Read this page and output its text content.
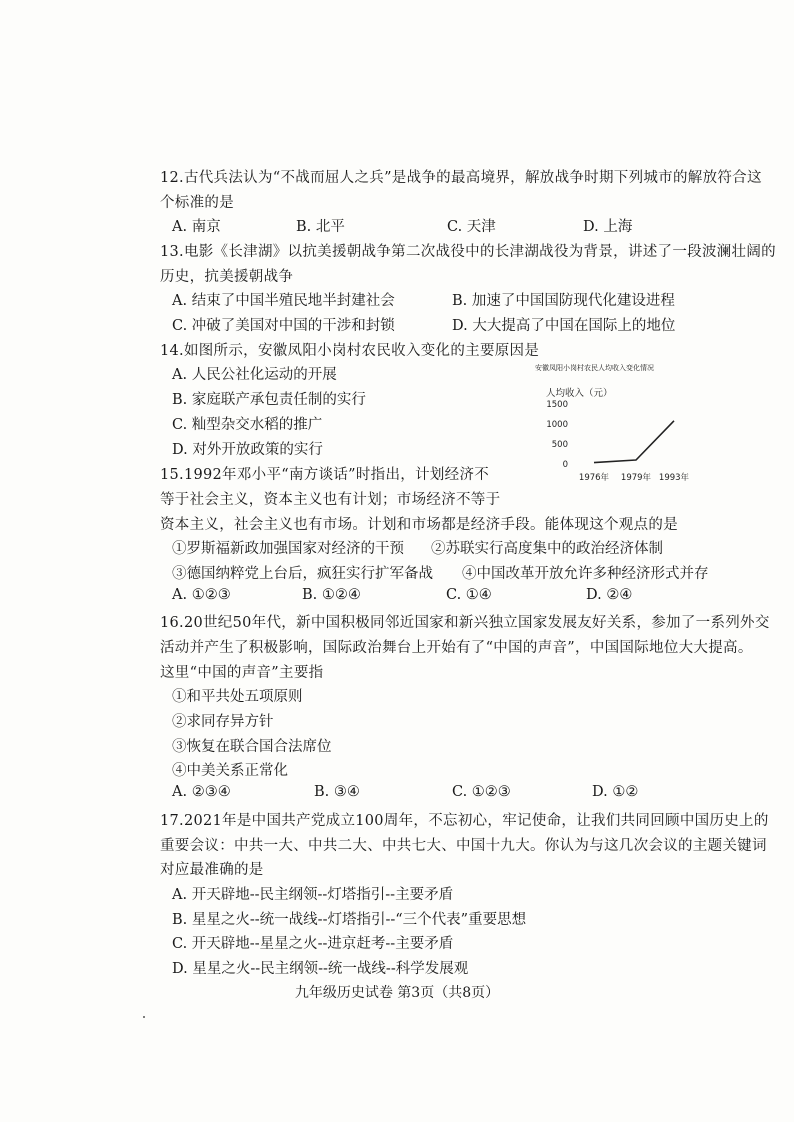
12.古代兵法认为“不战而屈人之兵”是战争的最高境界，解放战争时期下列城市的解放符合这
个标准的是
A. 南京	B. 北平	C. 天津	D. 上海
13.电影《长津湖》以抗美援朝战争第二次战役中的长津湖战役为背景，讲述了一段波澜壮阔的
历史，抗美援朝战争
A. 结束了中国半殖民地半封建社会	B. 加速了中国国防现代化建设进程
C. 冲破了美国对中国的干涉和封锁	D. 大大提高了中国在国际上的地位
14.如图所示，安徽凤阳小岗村农民收入变化的主要原因是
A. 人民公社化运动的开展
B. 家庭联产承包责任制的实行
C. 籼型杂交水稻的推广
D. 对外开放政策的实行
安徽凤阳小岗村农民人均收入变化情况
人均收入（元）
1500
1000
500
0
1976年 1979年 1993年
15.1992年邓小平“南方谈话”时指出，计划经济不
等于社会主义，资本主义也有计划；市场经济不等于
资本主义，社会主义也有市场。计划和市场都是经济手段。能体现这个观点的是
①罗斯福新政加强国家对经济的干预 ②苏联实行高度集中的政治经济体制
③德国纳粹党上台后，疯狂实行扩军备战 ④中国改革开放允许多种经济形式并存
A. ①②③	B. ①②④	C. ①④	D. ②④
16.20世纪50年代，新中国积极同邻近国家和新兴独立国家发展友好关系，参加了一系列外交
活动并产生了积极影响，国际政治舞台上开始有了“中国的声音”，中国国际地位大大提高。
这里“中国的声音”主要指
①和平共处五项原则
②求同存异方针
③恢复在联合国合法席位
④中美关系正常化
A. ②③④	B. ③④	C. ①②③	D. ①②
17.2021年是中国共产党成立100周年，不忘初心，牢记使命，让我们共同回顾中国历史上的
重要会议：中共一大、中共二大、中共七大、中国十九大。你认为与这几次会议的主题关键词
对应最准确的是
A. 开天辟地--民主纲领--灯塔指引--主要矛盾
B. 星星之火--统一战线--灯塔指引--“三个代表”重要思想
C. 开天辟地--星星之火--进京赶考--主要矛盾
D. 星星之火--民主纲领--统一战线--科学发展观
九年级历史试卷 第3页（共8页）
